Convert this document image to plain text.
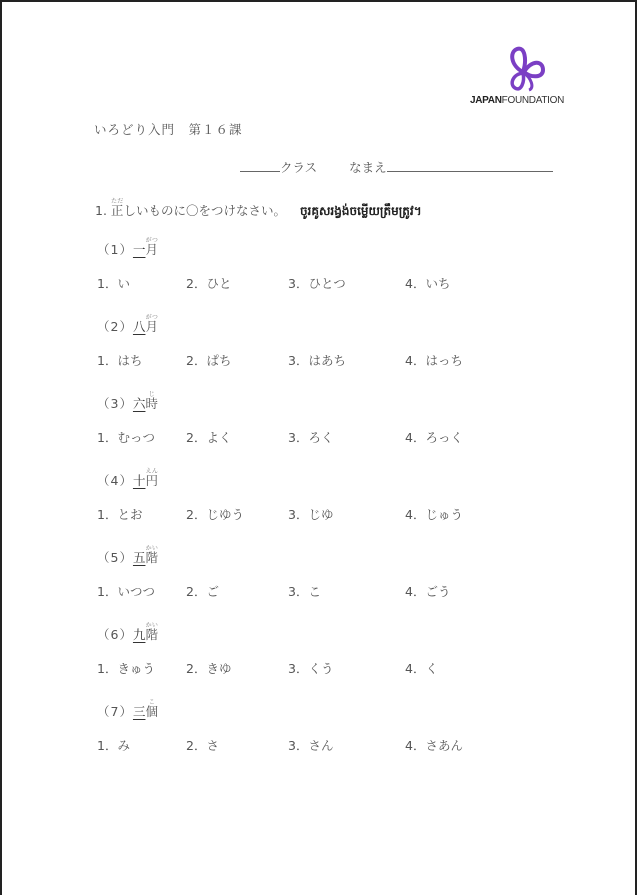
JAPANFOUNDATION
いろどり入門　第１６課
クラス	なまえ
1. 正ただしいものに〇をつけなさい。 ចូរគូសរង្វង់ចម្លើយត្រឹមត្រូវ។
（1）一月がつ
1．い	2．ひと	3．ひとつ	4．いち
（2）八月がつ
1．はち	2．ぱち	3．はあち	4．はっち
（3）六時じ
1．むっつ 2．よく	3．ろく	4．ろっく
（4）十円えん
1．とお	2．じゆう	3．じゆ	4．じゅう
（5）五階かい
1．いつつ 2．ご	3．こ	4．ごう
（6）九階かい
1．きゅう 2．きゆ	3．くう	4．く
（7）三個こ
1．み	2．さ	3．さん	4．さあん
